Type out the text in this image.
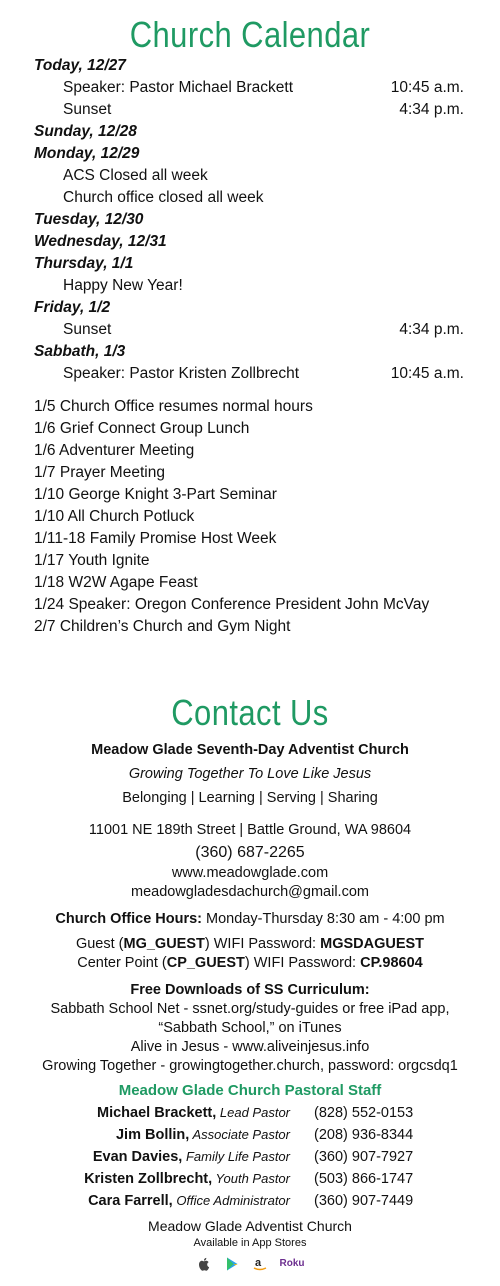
Church Calendar
Today, 12/27
Speaker: Pastor Michael Brackett	10:45 a.m.
Sunset	4:34 p.m.
Sunday, 12/28
Monday, 12/29
ACS Closed all week
Church office closed all week
Tuesday, 12/30
Wednesday, 12/31
Thursday, 1/1
Happy New Year!
Friday, 1/2
Sunset	4:34 p.m.
Sabbath, 1/3
Speaker: Pastor Kristen Zollbrecht	10:45 a.m.
1/5 Church Office resumes normal hours
1/6 Grief Connect Group Lunch
1/6 Adventurer Meeting
1/7 Prayer Meeting
1/10 George Knight 3-Part Seminar
1/10 All Church Potluck
1/11-18 Family Promise Host Week
1/17 Youth Ignite
1/18 W2W Agape Feast
1/24 Speaker: Oregon Conference President John McVay
2/7 Children’s Church and Gym Night
Contact Us
Meadow Glade Seventh-Day Adventist Church
Growing Together To Love Like Jesus
Belonging | Learning | Serving | Sharing
11001 NE 189th Street | Battle Ground, WA 98604
(360) 687-2265
www.meadowglade.com
meadowgladesdachurch@gmail.com
Church Office Hours: Monday-Thursday 8:30 am - 4:00 pm
Guest (MG_GUEST) WIFI Password: MGSDAGUEST
Center Point (CP_GUEST) WIFI Password: CP.98604
Free Downloads of SS Curriculum:
Sabbath School Net - ssnet.org/study-guides or free iPad app,
“Sabbath School,” on iTunes
Alive in Jesus - www.aliveinjesus.info
Growing Together - growingtogether.church, password: orgcsdq1
Meadow Glade Church Pastoral Staff
Michael Brackett, Lead Pastor	(828) 552-0153
Jim Bollin, Associate Pastor	(208) 936-8344
Evan Davies, Family Life Pastor	(360) 907-7927
Kristen Zollbrecht, Youth Pastor	(503) 866-1747
Cara Farrell, Office Administrator	(360) 907-7449
Meadow Glade Adventist Church
Available in App Stores
a Roku
